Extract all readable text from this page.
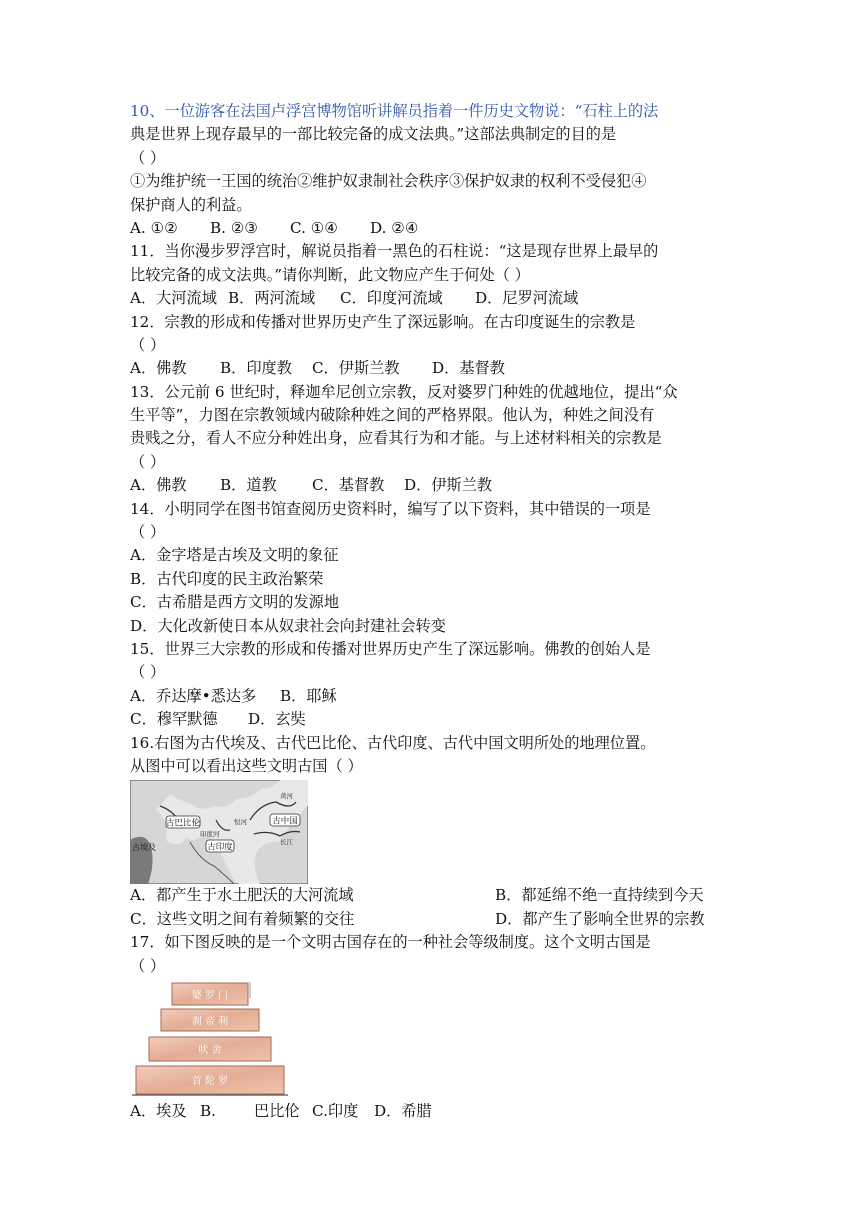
10、一位游客在法国卢浮宫博物馆听讲解员指着一件历史文物说：“石柱上的法
典是世界上现存最早的一部比较完备的成文法典。”这部法典制定的目的是
（ ）
①为维护统一王国的统治②维护奴隶制社会秩序③保护奴隶的权利不受侵犯④
保护商人的利益。
A. ①② B. ②③ C. ①④ D. ②④
11．当你漫步罗浮宫时，解说员指着一黑色的石柱说：“这是现存世界上最早的
比较完备的成文法典。”请你判断，此文物应产生于何处（ ）
A．大河流域 B．两河流域 C．印度河流域 D．尼罗河流域
12．宗教的形成和传播对世界历史产生了深远影响。在古印度诞生的宗教是
（ ）
A．佛教 B．印度教 C．伊斯兰教 D．基督教
13．公元前 6 世纪时，释迦牟尼创立宗教，反对婆罗门种姓的优越地位，提出“众
生平等”，力图在宗教领域内破除种姓之间的严格界限。他认为，种姓之间没有
贵贱之分，看人不应分种姓出身，应看其行为和才能。与上述材料相关的宗教是
（ ）
A．佛教 B．道教 C．基督教 D．伊斯兰教
14．小明同学在图书馆查阅历史资料时，编写了以下资料，其中错误的一项是
（ ）
A．金字塔是古埃及文明的象征
B．古代印度的民主政治繁荣
C．古希腊是西方文明的发源地
D．大化改新使日本从奴隶社会向封建社会转变
15．世界三大宗教的形成和传播对世界历史产生了深远影响。佛教的创始人是
（ ）
A．乔达摩•悉达多 B．耶稣
C．穆罕默德 D．玄奘
16.右图为古代埃及、古代巴比伦、古代印度、古代中国文明所处的地理位置。
从图中可以看出这些文明古国（ ）
古巴比伦
古印度
古中国
古埃及
恒河
印度河
黄河
长江
A．都产生于水土肥沃的大河流域	B．都延绵不绝一直持续到今天
C．这些文明之间有着频繁的交往	D．都产生了影响全世界的宗教
17．如下图反映的是一个文明古国存在的一种社会等级制度。这个文明古国是
（ ）
婆 罗 门
刹 帝 利
吠 舍
首 陀 罗
A．埃及 B.	巴比伦 C.印度 D．希腊
